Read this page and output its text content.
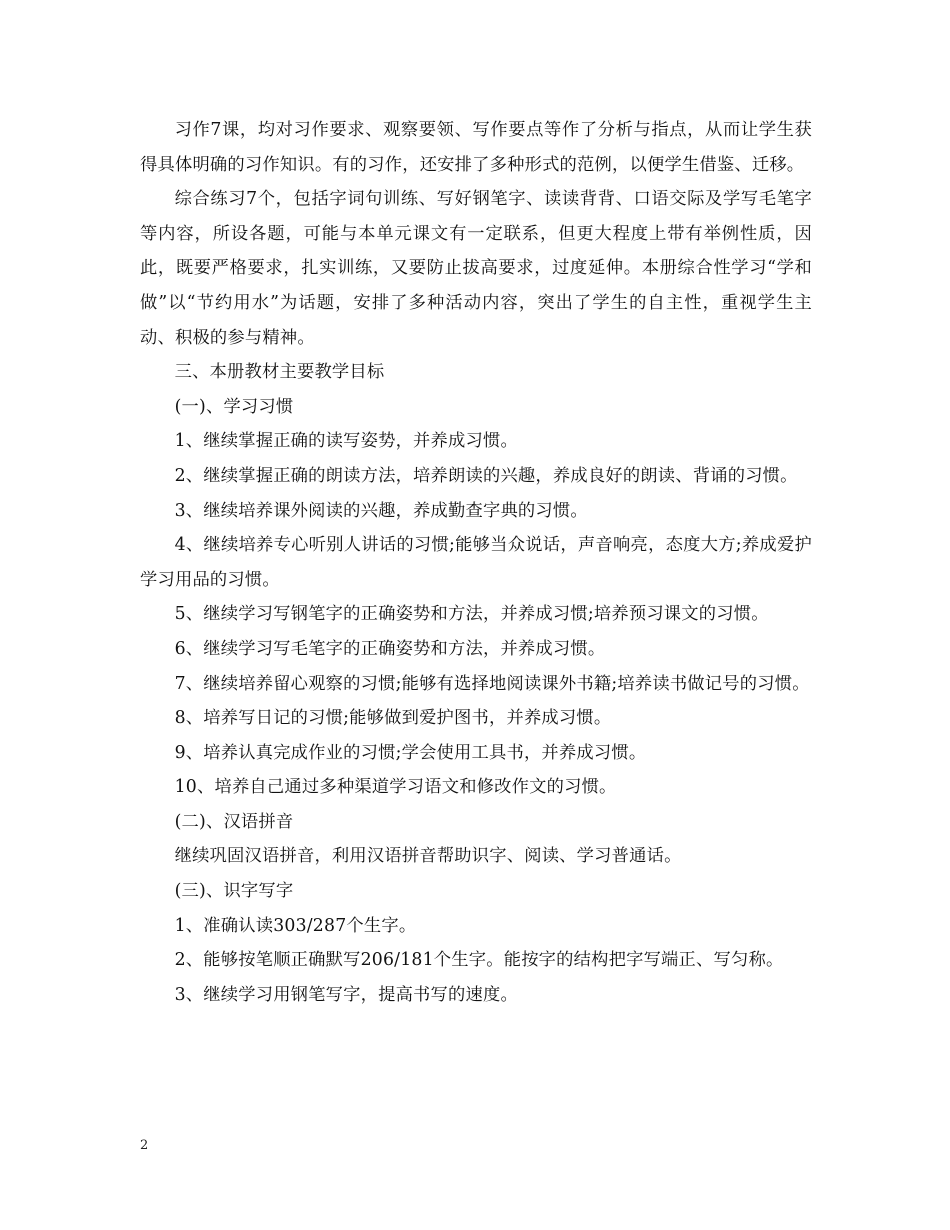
习作7课，均对习作要求、观察要领、写作要点等作了分析与指点，从而让学生获得具体明确的习作知识。有的习作，还安排了多种形式的范例，以便学生借鉴、迁移。

综合练习7个，包括字词句训练、写好钢笔字、读读背背、口语交际及学写毛笔字等内容，所设各题，可能与本单元课文有一定联系，但更大程度上带有举例性质，因此，既要严格要求，扎实训练，又要防止拔高要求，过度延伸。本册综合性学习“学和做”以“节约用水”为话题，安排了多种活动内容，突出了学生的自主性，重视学生主动、积极的参与精神。

三、本册教材主要教学目标

(一)、学习习惯

1、继续掌握正确的读写姿势，并养成习惯。

2、继续掌握正确的朗读方法，培养朗读的兴趣，养成良好的朗读、背诵的习惯。

3、继续培养课外阅读的兴趣，养成勤查字典的习惯。

4、继续培养专心听别人讲话的习惯;能够当众说话，声音响亮，态度大方;养成爱护学习用品的习惯。

5、继续学习写钢笔字的正确姿势和方法，并养成习惯;培养预习课文的习惯。

6、继续学习写毛笔字的正确姿势和方法，并养成习惯。

7、继续培养留心观察的习惯;能够有选择地阅读课外书籍;培养读书做记号的习惯。

8、培养写日记的习惯;能够做到爱护图书，并养成习惯。

9、培养认真完成作业的习惯;学会使用工具书，并养成习惯。

10、培养自己通过多种渠道学习语文和修改作文的习惯。

(二)、汉语拼音

继续巩固汉语拼音，利用汉语拼音帮助识字、阅读、学习普通话。

(三)、识字写字

1、准确认读303/287个生字。

2、能够按笔顺正确默写206/181个生字。能按字的结构把字写端正、写匀称。

3、继续学习用钢笔写字，提高书写的速度。

2
